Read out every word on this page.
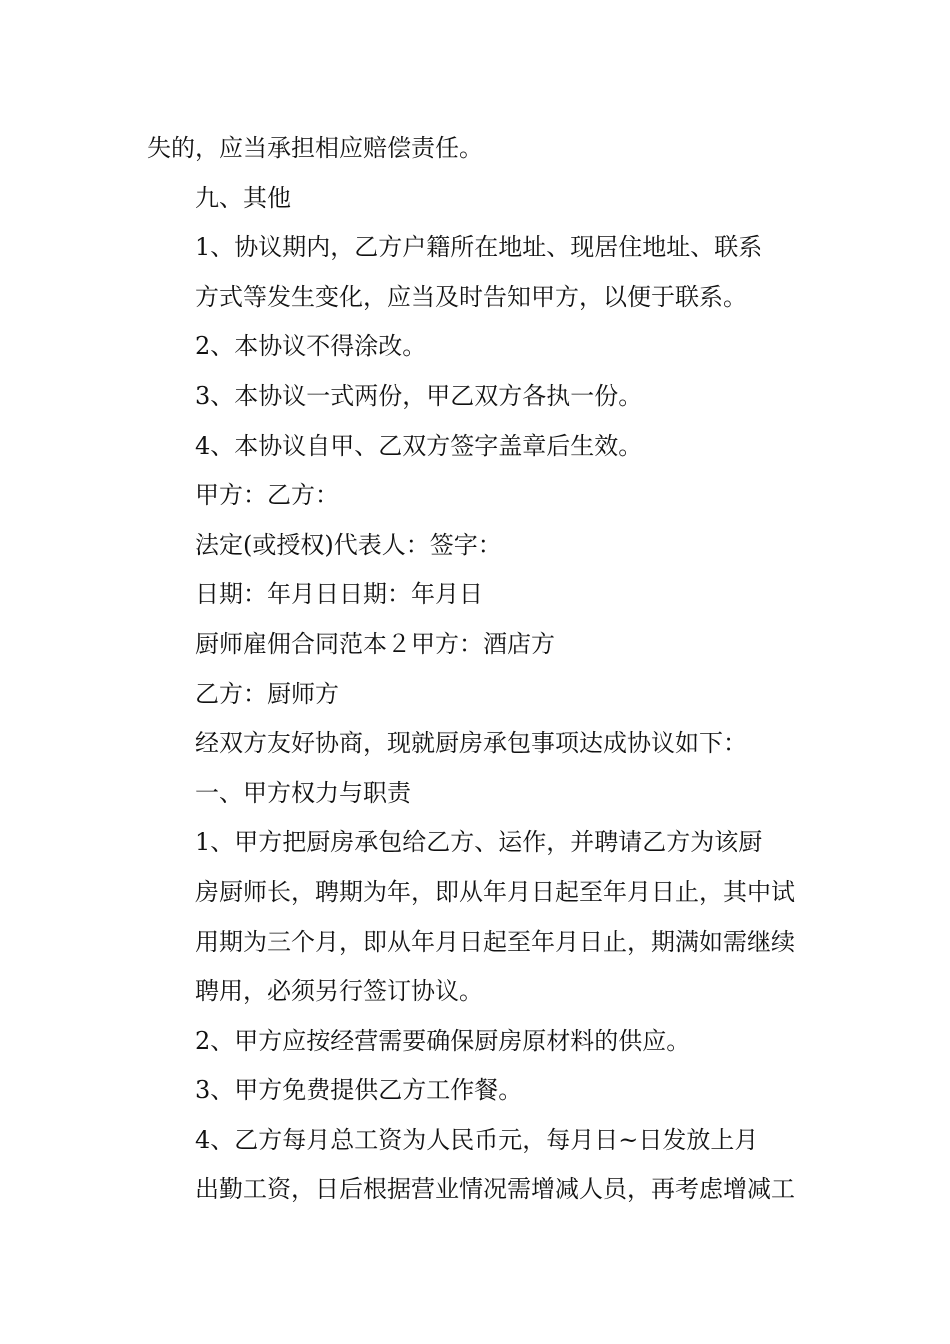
失的，应当承担相应赔偿责任。
九、其他
1、协议期内，乙方户籍所在地址、现居住地址、联系
方式等发生变化，应当及时告知甲方，以便于联系。
2、本协议不得涂改。
3、本协议一式两份，甲乙双方各执一份。
4、本协议自甲、乙双方签字盖章后生效。
甲方：乙方：
法定(或授权)代表人：签字：
日期：年月日日期：年月日
厨师雇佣合同范本２甲方：酒店方
乙方：厨师方
经双方友好协商，现就厨房承包事项达成协议如下：
一、甲方权力与职责
1、甲方把厨房承包给乙方、运作，并聘请乙方为该厨
房厨师长，聘期为年，即从年月日起至年月日止，其中试
用期为三个月，即从年月日起至年月日止，期满如需继续
聘用，必须另行签订协议。
2、甲方应按经营需要确保厨房原材料的供应。
3、甲方免费提供乙方工作餐。
4、乙方每月总工资为人民币元，每月日~日发放上月
出勤工资，日后根据营业情况需增减人员，再考虑增减工
